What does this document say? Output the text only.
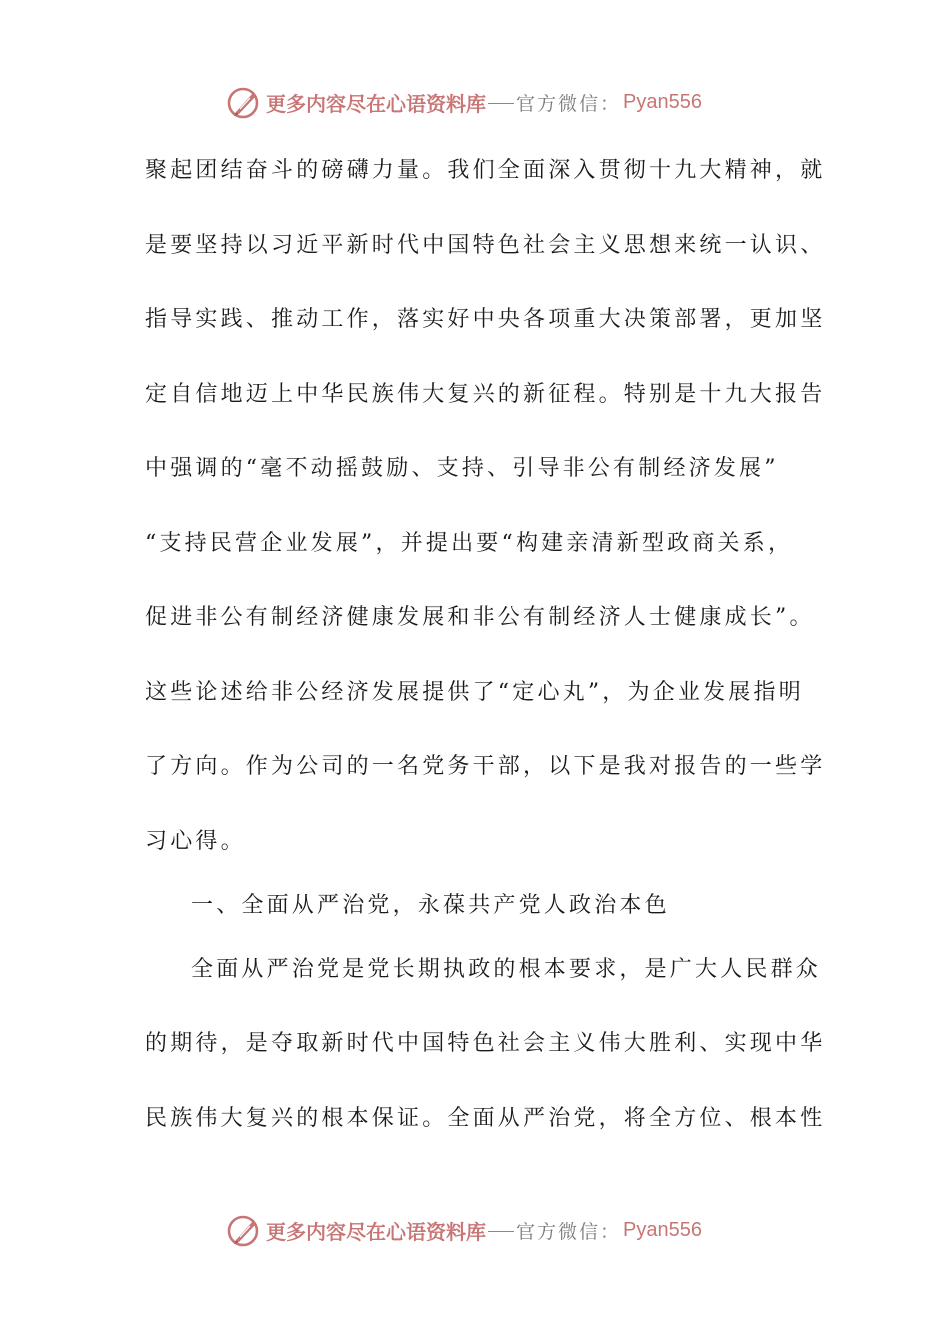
更多内容尽在心语资料库 官方微信： Pyan556
聚起团结奋斗的磅礴力量。我们全面深入贯彻十九大精神，就
是要坚持以习近平新时代中国特色社会主义思想来统一认识、
指导实践、推动工作，落实好中央各项重大决策部署，更加坚
定自信地迈上中华民族伟大复兴的新征程。特别是十九大报告
中强调的“毫不动摇鼓励、支持、引导非公有制经济发展”
“支持民营企业发展”，并提出要“构建亲清新型政商关系，
促进非公有制经济健康发展和非公有制经济人士健康成长”。
这些论述给非公经济发展提供了“定心丸”，为企业发展指明
了方向。作为公司的一名党务干部，以下是我对报告的一些学
习心得。
一、全面从严治党，永葆共产党人政治本色
全面从严治党是党长期执政的根本要求，是广大人民群众
的期待，是夺取新时代中国特色社会主义伟大胜利、实现中华
民族伟大复兴的根本保证。全面从严治党，将全方位、根本性
更多内容尽在心语资料库 官方微信： Pyan556
